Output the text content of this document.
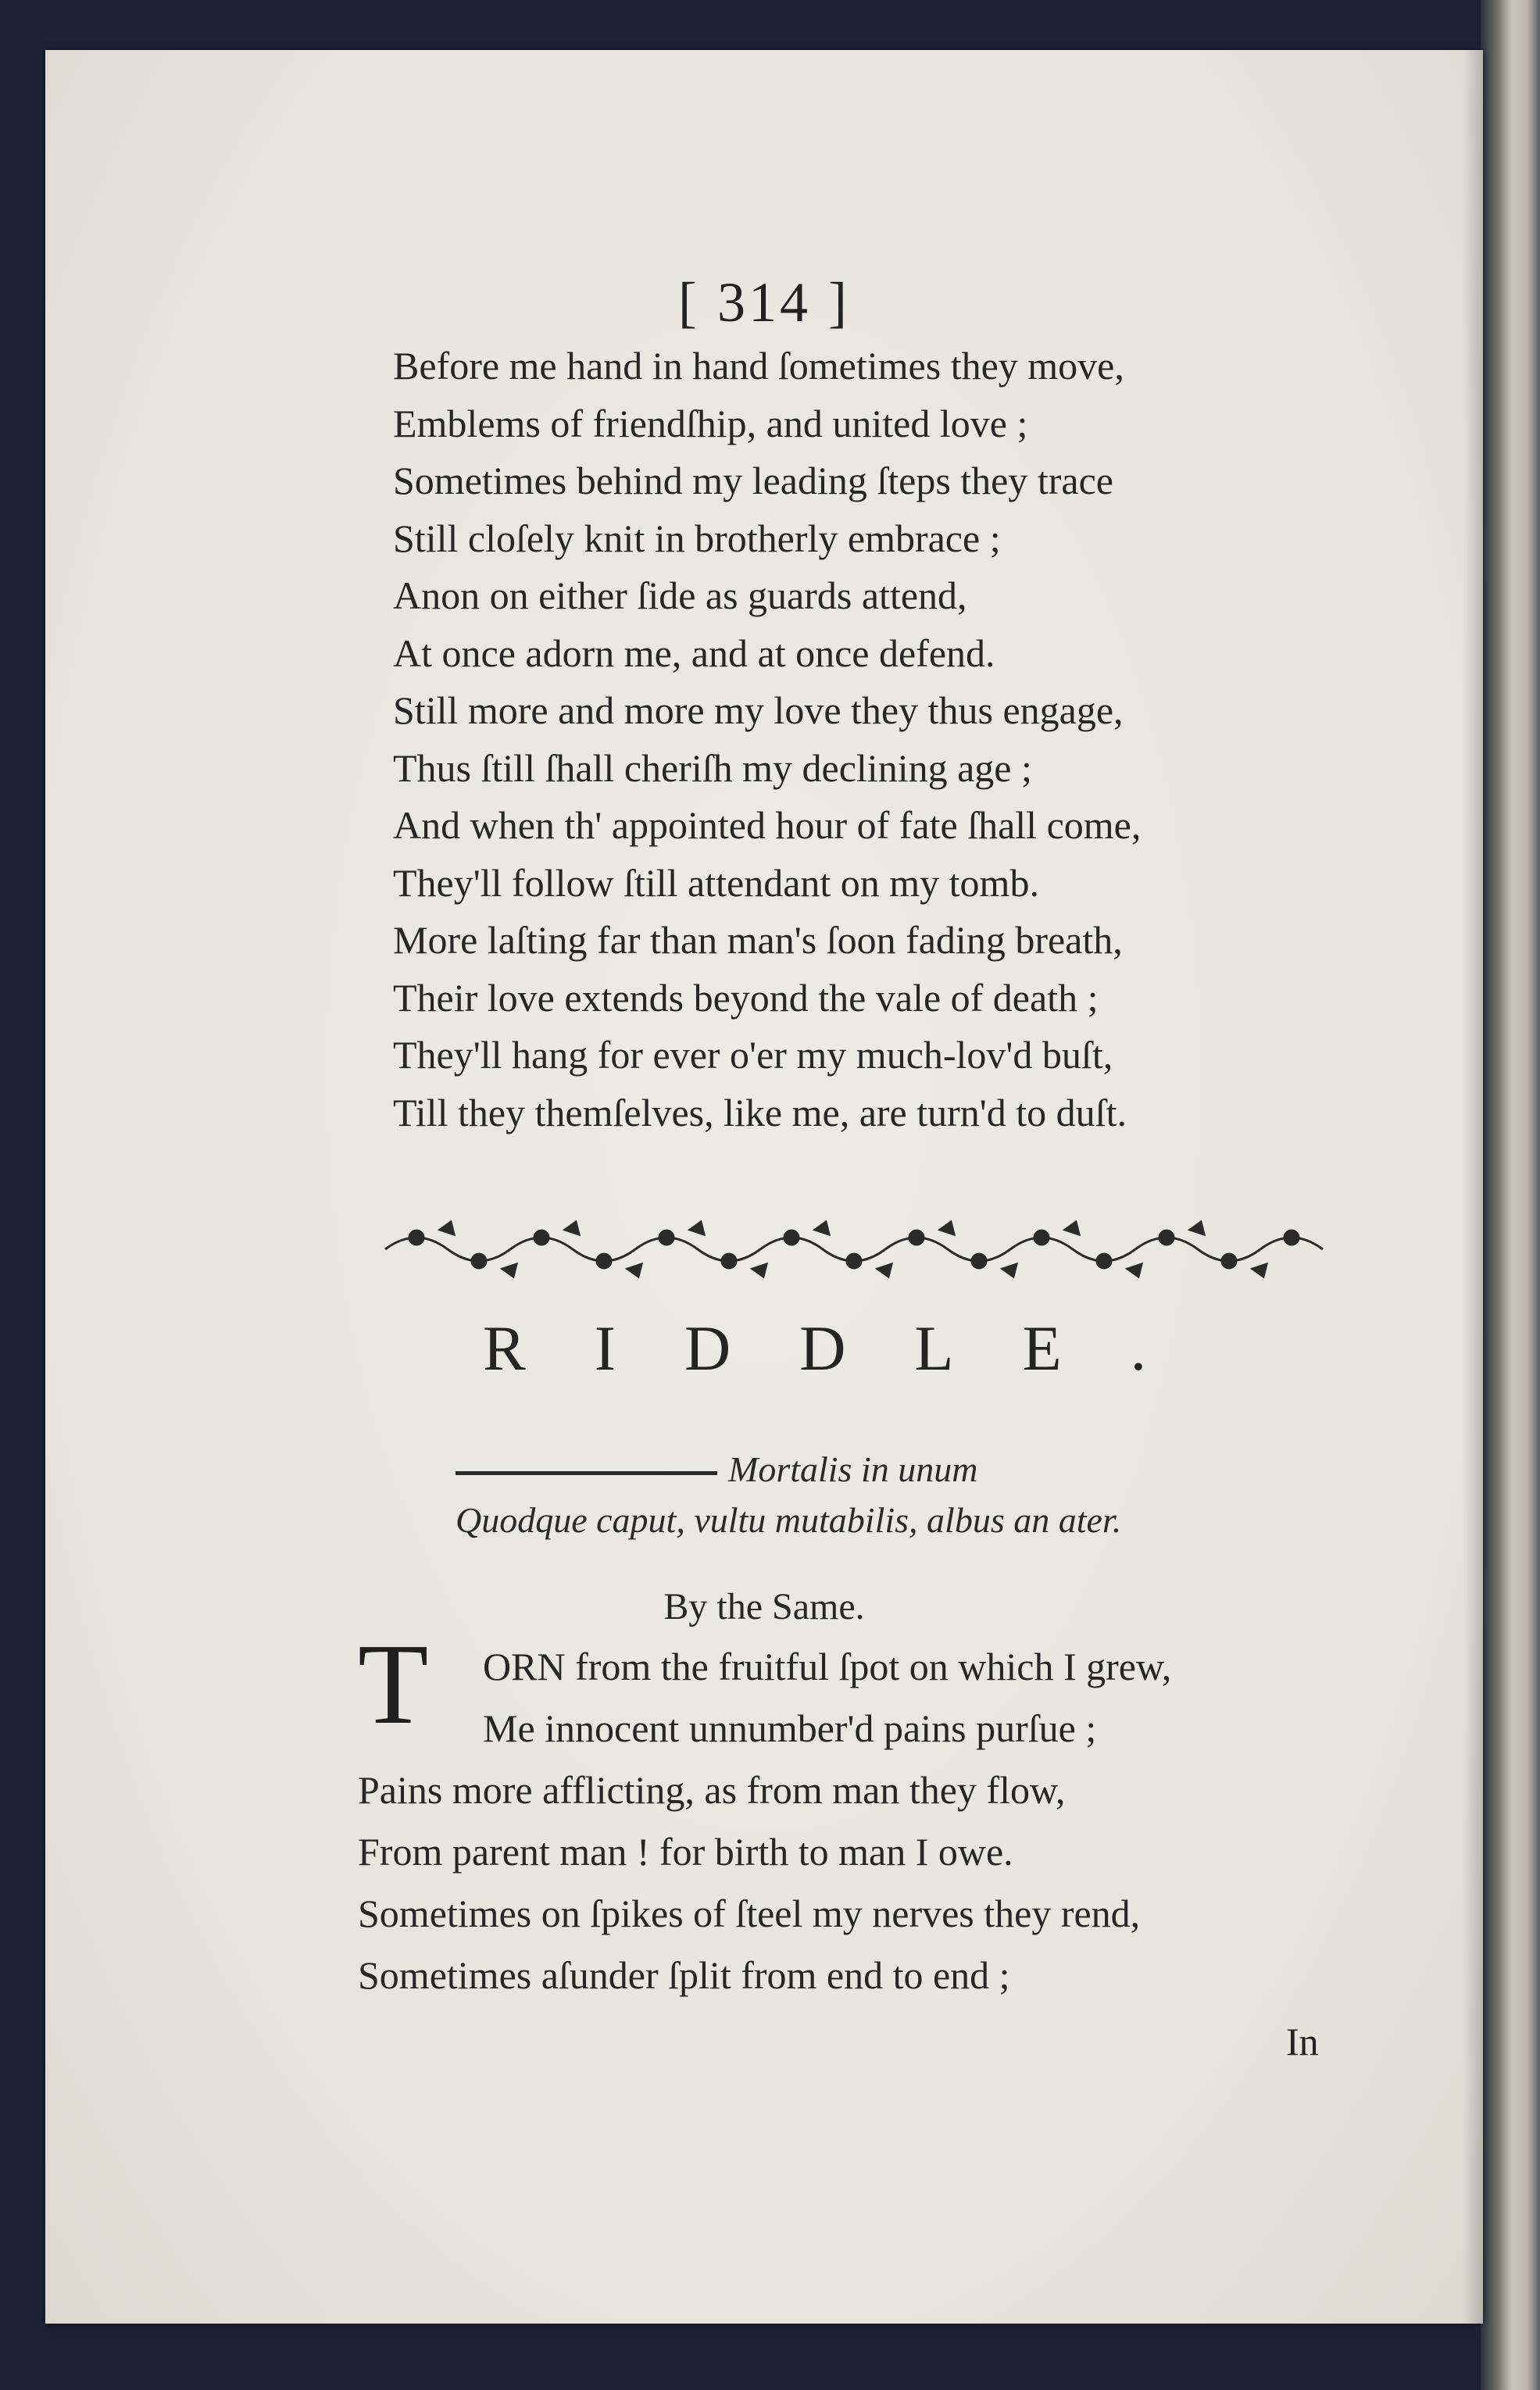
[ 314 ]
Before me hand in hand ſometimes they move,
Emblems of friendſhip, and united love ;
Sometimes behind my leading ſteps they trace
Still cloſely knit in brotherly embrace ;
Anon on either ſide as guards attend,
At once adorn me, and at once defend.
Still more and more my love they thus engage,
Thus ſtill ſhall cheriſh my declining age ;
And when th' appointed hour of fate ſhall come,
They'll follow ſtill attendant on my tomb.
More laſting far than man's ſoon fading breath,
Their love extends beyond the vale of death ;
They'll hang for ever o'er my much-lov'd buſt,
Till they themſelves, like me, are turn'd to duſt.
RIDDLE.
Mortalis in unum
Quodque caput, vultu mutabilis, albus an ater.
By the Same.
T	ORN from the fruitful ſpot on which I grew,
Me innocent unnumber'd pains purſue ;
Pains more afflicting, as from man they flow,
From parent man ! for birth to man I owe.
Sometimes on ſpikes of ſteel my nerves they rend,
Sometimes aſunder ſplit from end to end ;
In
